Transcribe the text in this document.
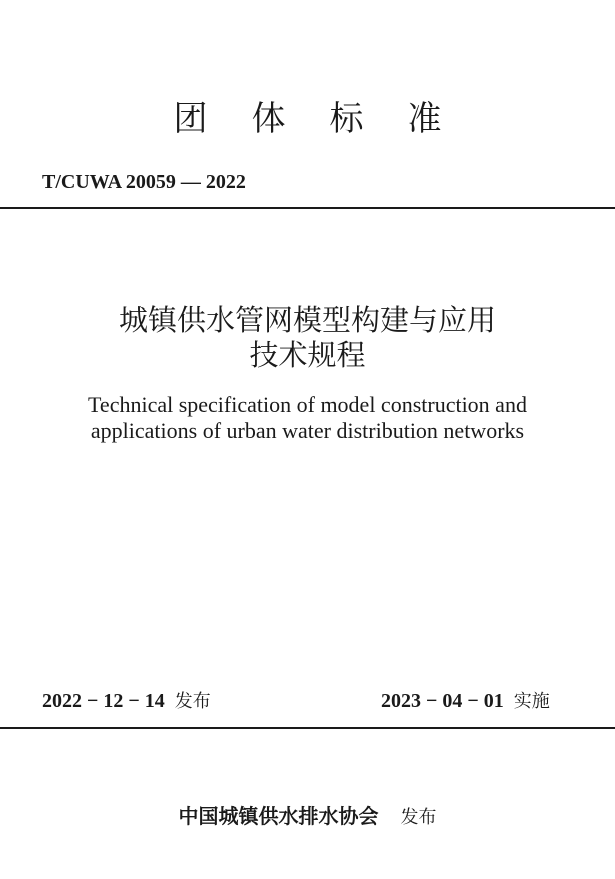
团体标准
T/CUWA 20059 — 2022
城镇供水管网模型构建与应用
技术规程
Technical specification of model construction and
applications of urban water distribution networks
2022 − 12 − 14 发布	2023 − 04 − 01 实施
中国城镇供水排水协会 发布
